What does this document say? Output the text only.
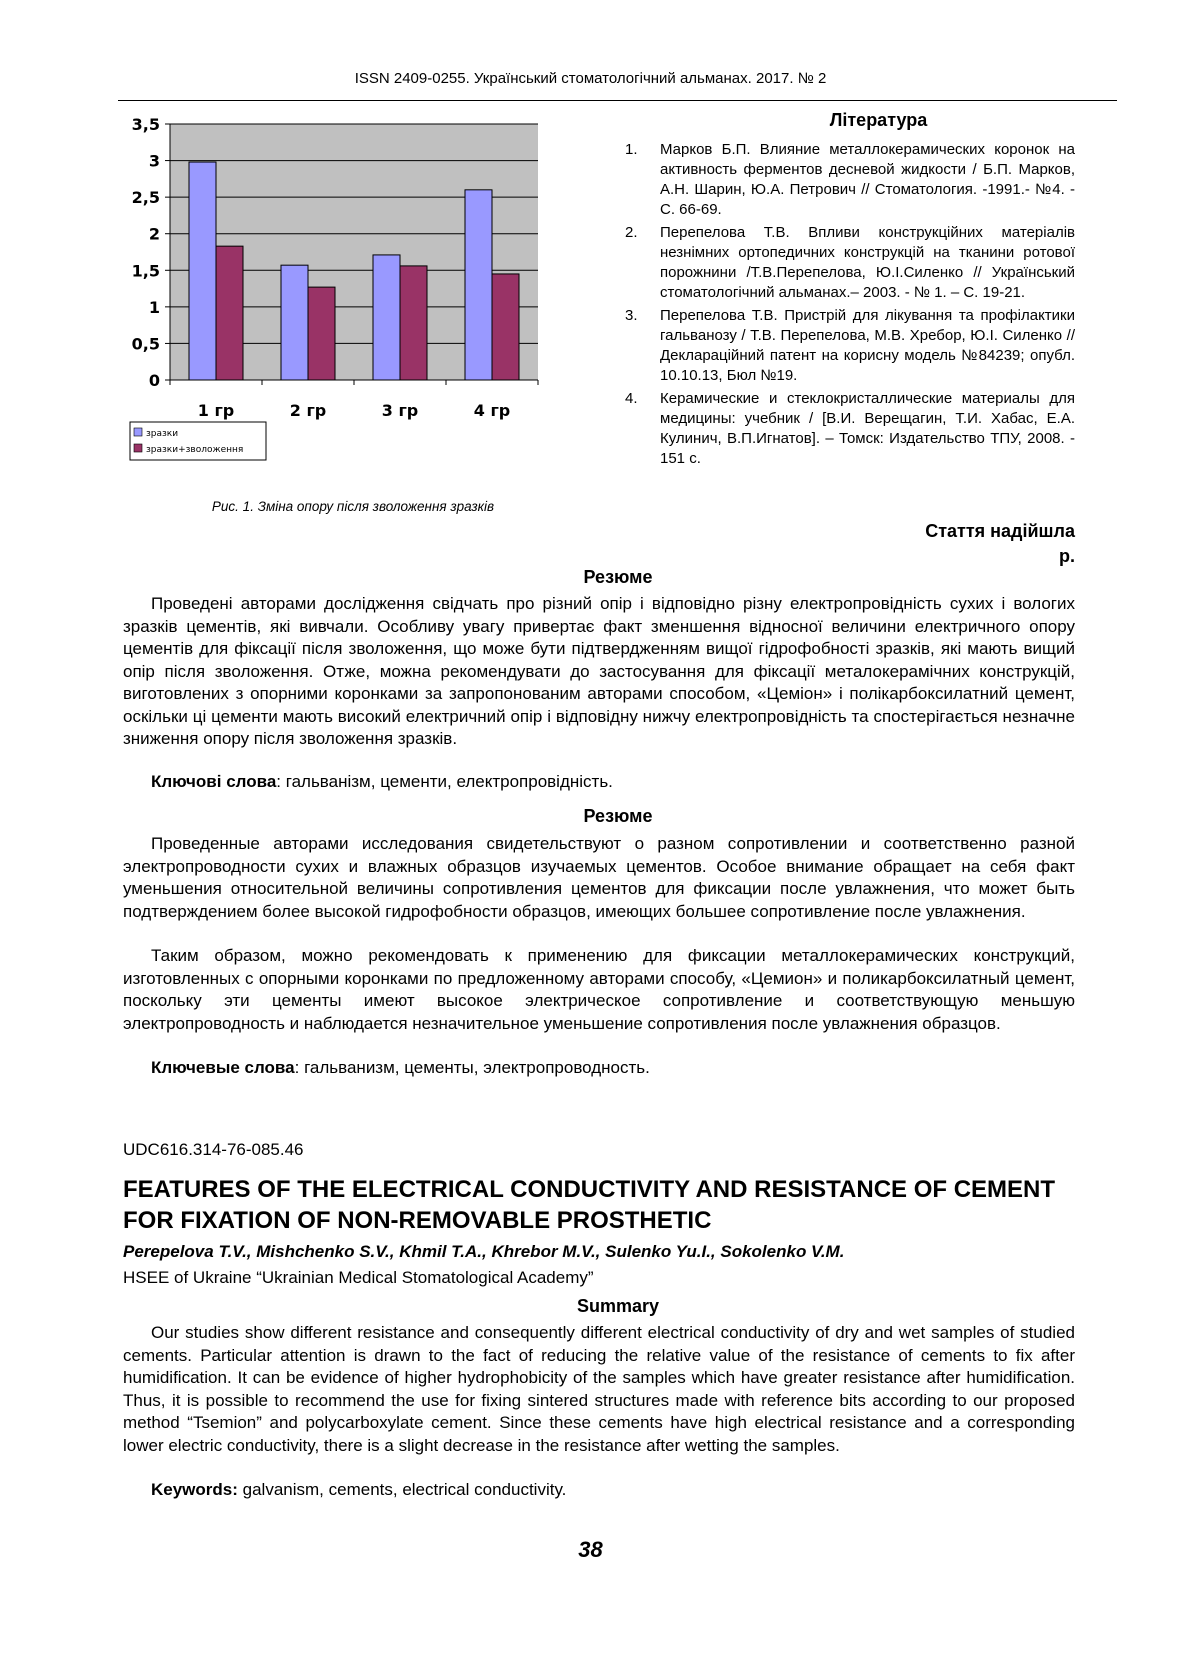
ISSN 2409-0255. Український стоматологічний альманах. 2017. № 2
0
0,5
1
1,5
2
2,5
3
3,5
1 гр	2 гр	3 гр	4 гр
зразки
зразки+зволоження
Рис. 1. Зміна опору після зволоження зразків
Література
1.	Марков Б.П. Влияние металлокерамических коронок на активность ферментов десневой жидкости / Б.П. Марков, А.Н. Шарин, Ю.А. Петрович // Стоматология. -1991.- №4. - С. 66-69.
2.	Перепелова Т.В. Впливи конструкційних матеріалів незнімних ортопедичних конструкцій на тканини ротової порожнини /Т.В.Перепелова, Ю.І.Силенко // Український стоматологічний альманах.– 2003. - № 1. – С. 19-21.
3.	Перепелова Т.В. Пристрій для лікування та профілактики гальванозу / Т.В. Перепелова, М.В. Хребор, Ю.І. Силенко //Декларацiйний патент на корисну модель №84239; опубл. 10.10.13, Бюл №19.
4.	Керамические и стеклокристаллические материалы для медицины: учебник / [В.И. Верещагин, Т.И. Хабас, Е.А. Кулинич, В.П.Игнатов]. – Томск: Издательство ТПУ, 2008. - 151 с.
Стаття надійшла
р.
Резюме
Проведені авторами дослідження свідчать про різний опір і відповідно різну електропровідність сухих і вологих зразків цементів, які вивчали. Особливу увагу привертає факт зменшення відносної величини електричного опору цементів для фіксації після зволоження, що може бути підтвердженням вищої гідрофобності зразків, які мають вищий опір після зволоження. Отже, можна рекомендувати до застосування для фіксації металокерамічних конструкцій, виготовлених з опорними коронками за запропонованим авторами способом, «Цеміон» і полікарбоксилатний цемент, оскільки ці цементи мають високий електричний опір і відповідну нижчу електропровідність та спостерігається незначне зниження опору після зволоження зразків.
Ключові слова: гальванізм, цементи, електропровідність.
Резюме
Проведенные авторами исследования свидетельствуют о разном сопротивлении и соответственно разной электропроводности сухих и влажных образцов изучаемых цементов. Особое внимание обращает на себя факт уменьшения относительной величины сопротивления цементов для фиксации после увлажнения, что может быть подтверждением более высокой гидрофобности образцов, имеющих большее сопротивление после увлажнения.
Таким образом, можно рекомендовать к применению для фиксации металлокерамических конструкций, изготовленных с опорными коронками по предложенному авторами способу, «Цемион» и поликарбоксилатный цемент, поскольку эти цементы имеют высокое электрическое сопротивление и соответствующую меньшую электропроводность и наблюдается незначительное уменьшение сопротивления после увлажнения образцов.
Ключевые слова: гальванизм, цементы, электропроводность.
UDC616.314-76-085.46
FEATURES OF THE ELECTRICAL CONDUCTIVITY AND RESISTANCE OF CEMENT
FOR FIXATION OF NON-REMOVABLE PROSTHETIC
Perepelova T.V., Mishchenko S.V., Khmil T.A., Khrebor M.V., Sulenko Yu.I., Sokolenko V.M.
HSEE of Ukraine “Ukrainian Medical Stomatological Academy”
Summary
Our studies show different resistance and consequently different electrical conductivity of dry and wet samples of studied cements. Particular attention is drawn to the fact of reducing the relative value of the resistance of cements to fix after humidification. It can be evidence of higher hydrophobicity of the samples which have greater resistance after humidification. Thus, it is possible to recommend the use for fixing sintered structures made with reference bits according to our proposed method “Tsemion” and polycarboxylate cement. Since these cements have high electrical resistance and a corresponding lower electric conductivity, there is a slight decrease in the resistance after wetting the samples.
Keywords: galvanism, cements, electrical conductivity.
38
